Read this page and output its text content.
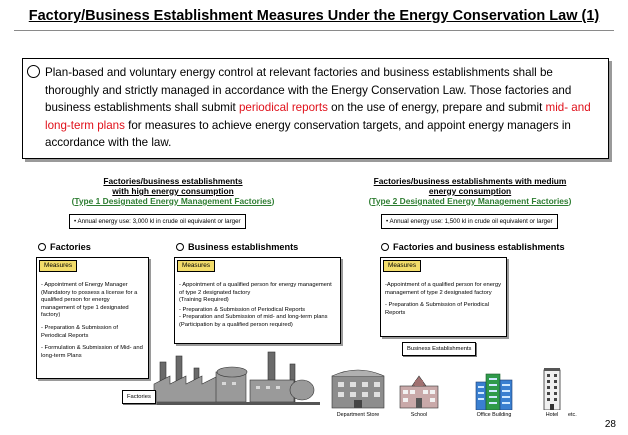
Factory/Business Establishment Measures Under the Energy Conservation Law (1)
Plan-based and voluntary energy control at relevant factories and business establishments shall be thoroughly and strictly managed in accordance with the Energy Conservation Law. Those factories and business establishments shall submit periodical reports on the use of energy, prepare and submit mid- and long-term plans for measures to achieve energy conservation targets, and appoint energy managers in accordance with the law.
Factories/business establishments
with high energy consumption
(Type 1 Designated Energy Management Factories)
• Annual energy use: 3,000 kl in crude oil equivalent or larger
Factories/business establishments with medium
energy consumption
(Type 2 Designated Energy Management Factories)
• Annual energy use: 1,500 kl in crude oil equivalent or larger
Factories	Business establishments	Factories and business establishments
Measures
- Appointment of Energy Manager (Mandatory to possess a license for a qualified person for energy management of type 1 designated factory)
- Preparation & Submission of Periodical Reports
- Formulation & Submission of Mid- and long-term Plans
Measures
- Appointment of a qualified person for energy management of type 2 designated factory
(Training Required)
- Preparation & Submission of Periodical Reports
- Preparation and Submission of mid- and long-term plans (Participation by a qualified person required)
Measures
-Appointment of a qualified person for energy management of type 2 designated factory
- Preparation & Submission of Periodical Reports
Factories
Business Establishments
Department Store	School	Office Building	Hotel	etc.
28
